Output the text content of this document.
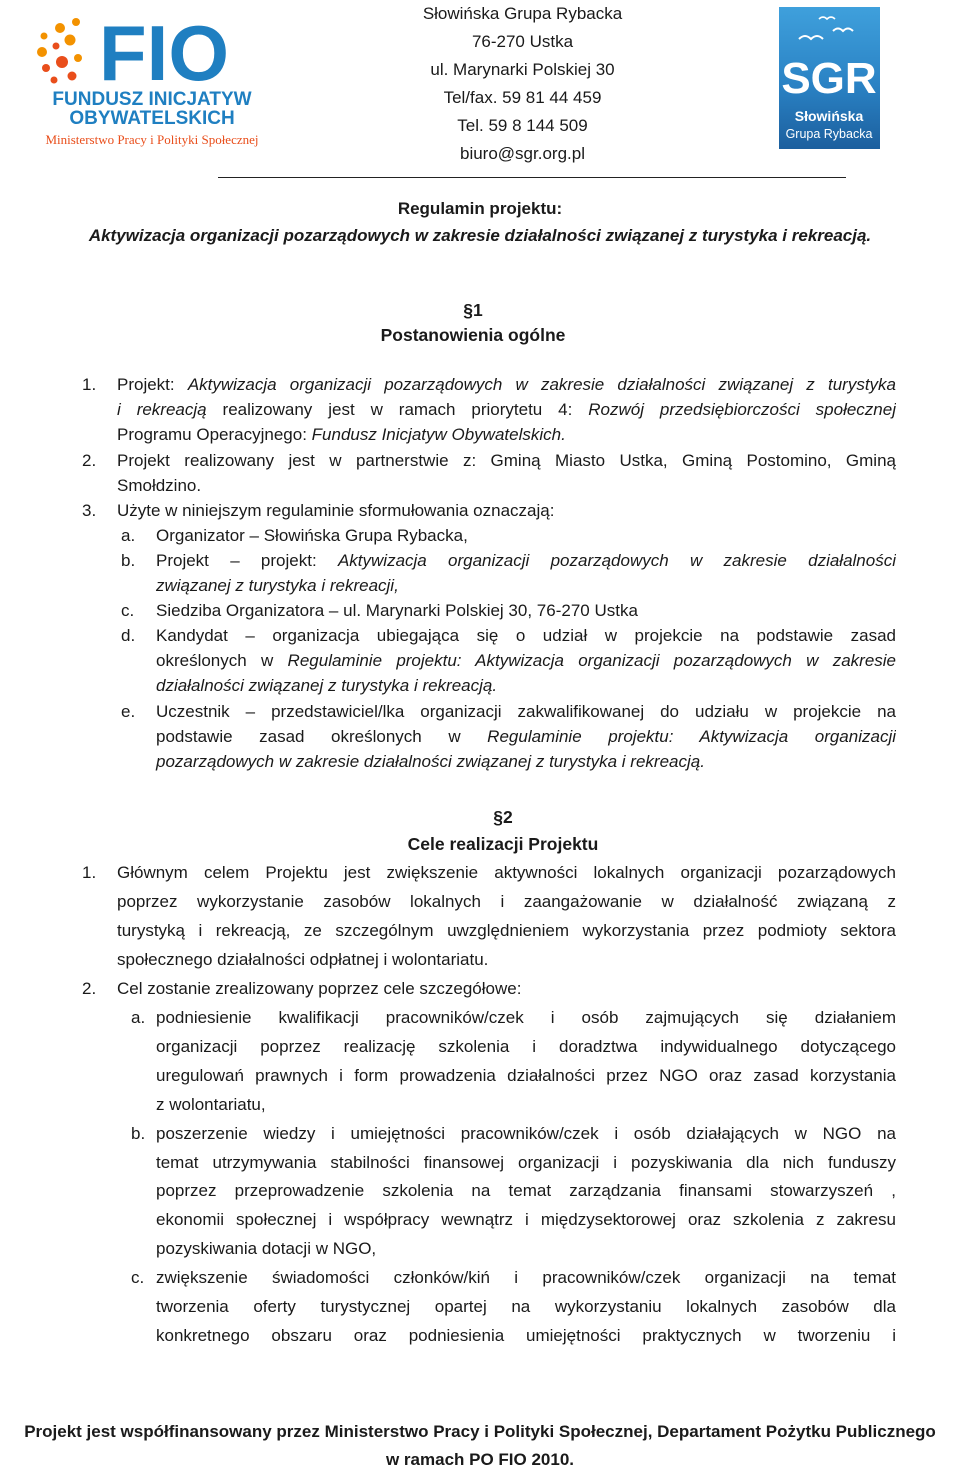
FIO
FUNDUSZ INICJATYW
OBYWATELSKICH
Ministerstwo Pracy i Polityki Społecznej
Słowińska Grupa Rybacka
76-270 Ustka
ul. Marynarki Polskiej 30
Tel/fax. 59 81 44 459
Tel. 59 8 144 509
biuro@sgr.org.pl
SGR
Słowińska
Grupa Rybacka
Regulamin projektu:
Aktywizacja organizacji pozarządowych w zakresie działalności związanej z turystyka i rekreacją.
§1
Postanowienia ogólne
1. Projekt: Aktywizacja organizacji pozarządowych w zakresie działalności związanej z turystyka
i rekreacją realizowany jest w ramach priorytetu 4: Rozwój przedsiębiorczości społecznej
Programu Operacyjnego: Fundusz Inicjatyw Obywatelskich.
2. Projekt realizowany jest w partnerstwie z: Gminą Miasto Ustka, Gminą Postomino, Gminą
Smołdzino.
3. Użyte w niniejszym regulaminie sformułowania oznaczają:
a. Organizator – Słowińska Grupa Rybacka,
b. Projekt – projekt: Aktywizacja organizacji pozarządowych w zakresie działalności
związanej z turystyka i rekreacji,
c. Siedziba Organizatora – ul. Marynarki Polskiej 30, 76-270 Ustka
d. Kandydat – organizacja ubiegająca się o udział w projekcie na podstawie zasad
określonych w Regulaminie projektu: Aktywizacja organizacji pozarządowych w zakresie
działalności związanej z turystyka i rekreacją.
e. Uczestnik – przedstawiciel/lka organizacji zakwalifikowanej do udziału w projekcie na
podstawie zasad określonych w Regulaminie projektu: Aktywizacja organizacji
pozarządowych w zakresie działalności związanej z turystyka i rekreacją.
§2
Cele realizacji Projektu
1. Głównym celem Projektu jest zwiększenie aktywności lokalnych organizacji pozarządowych
poprzez wykorzystanie zasobów lokalnych i zaangażowanie w działalność związaną z
turystyką i rekreacją, ze szczególnym uwzględnieniem wykorzystania przez podmioty sektora
społecznego działalności odpłatnej i wolontariatu.
2. Cel zostanie zrealizowany poprzez cele szczegółowe:
a. podniesienie kwalifikacji pracowników/czek i osób zajmujących się działaniem
organizacji poprzez realizację szkolenia i doradztwa indywidualnego dotyczącego
uregulowań prawnych i form prowadzenia działalności przez NGO oraz zasad korzystania
z wolontariatu,
b. poszerzenie wiedzy i umiejętności pracowników/czek i osób działających w NGO na
temat utrzymywania stabilności finansowej organizacji i pozyskiwania dla nich funduszy
poprzez przeprowadzenie szkolenia na temat zarządzania finansami stowarzyszeń ,
ekonomii społecznej i współpracy wewnątrz i międzysektorowej oraz szkolenia z zakresu
pozyskiwania dotacji w NGO,
c. zwiększenie świadomości członków/kiń i pracowników/czek organizacji na temat
tworzenia oferty turystycznej opartej na wykorzystaniu lokalnych zasobów dla
konkretnego obszaru oraz podniesienia umiejętności praktycznych w tworzeniu i
Projekt jest współfinansowany przez Ministerstwo Pracy i Polityki Społecznej, Departament Pożytku Publicznego
w ramach PO FIO 2010.
